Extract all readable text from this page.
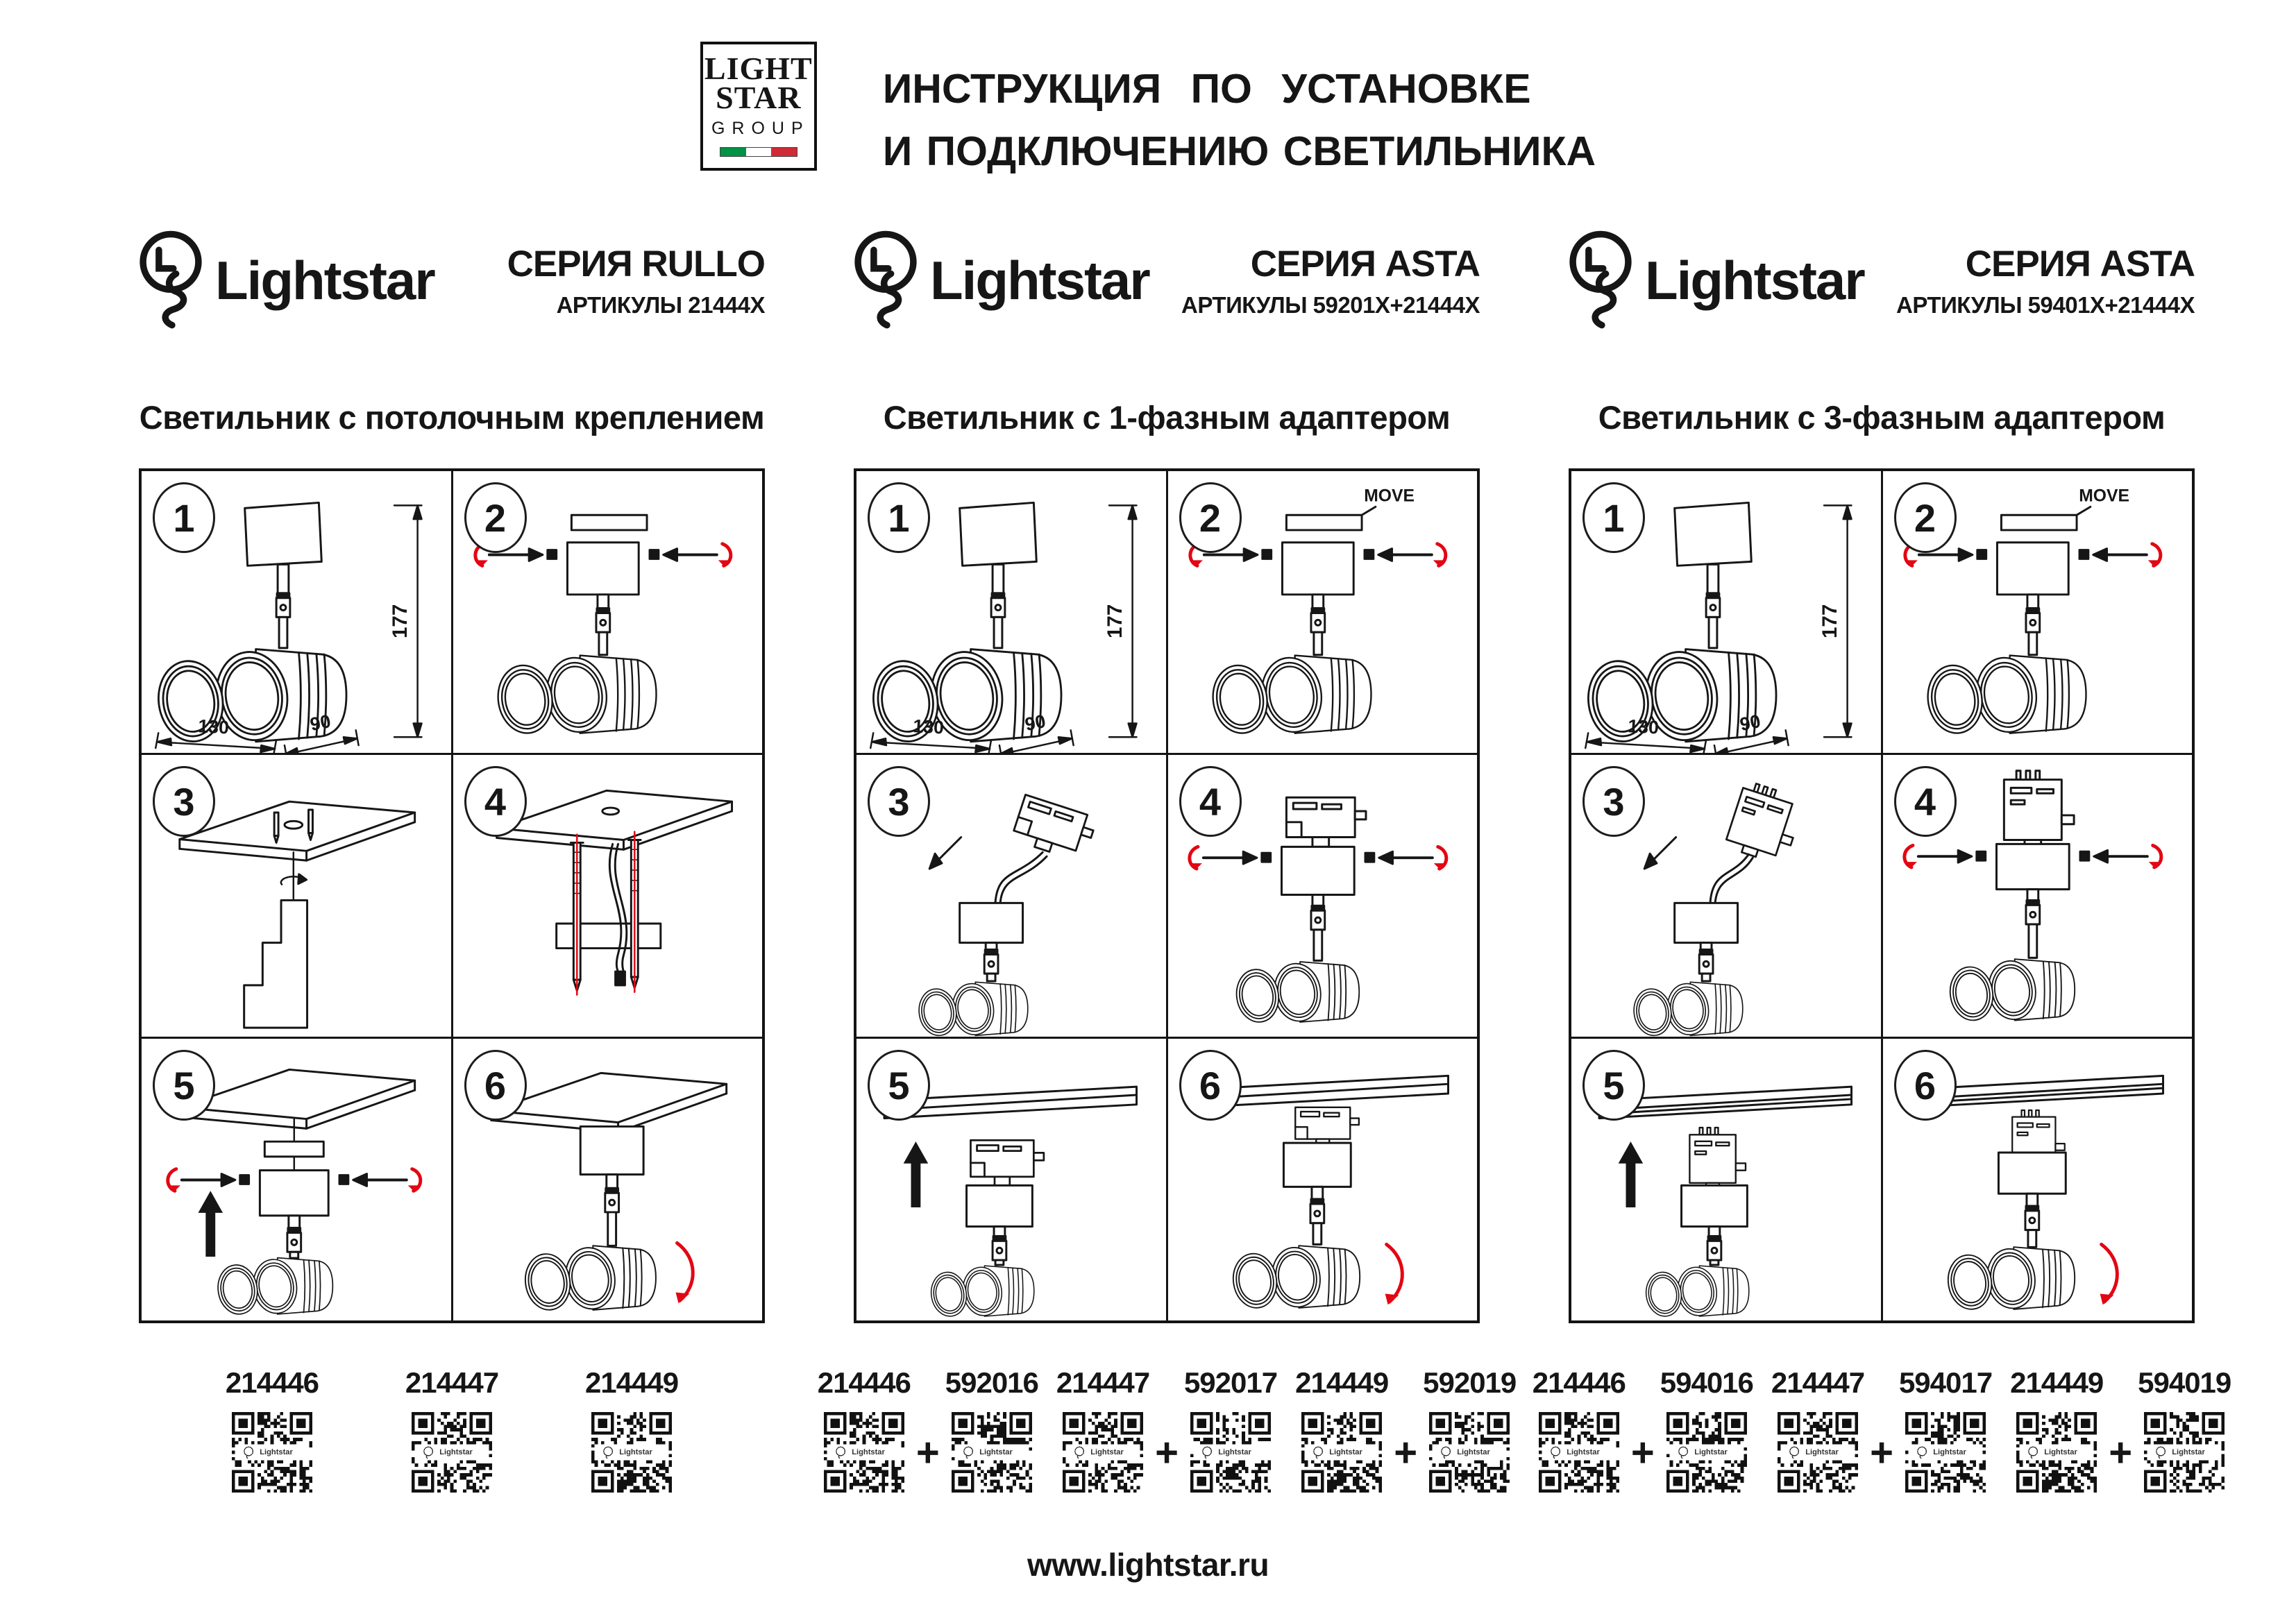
LIGHT
STAR
GROUP
ИНСТРУКЦИЯ ПО УСТАНОВКЕ
И ПОДКЛЮЧЕНИЮ СВЕТИЛЬНИКА
Lightstar СЕРИЯ RULLO
АРТИКУЛЫ 21444X
Светильник с потолочным креплением
1
177
130	90
2
3	4
5	6
214446
Lightstar
214447
Lightstar
214449
Lightstar
Lightstar	СЕРИЯ ASTA
АРТИКУЛЫ 59201X+21444X
Светильник с 1-фазным адаптером
1
177
130	90
2	MOVE
3	4
5	6
214446
Lightstar +
592016
Lightstar
214447
Lightstar +
592017
Lightstar
214449
Lightstar +
592019
Lightstar
Lightstar	СЕРИЯ ASTA
АРТИКУЛЫ 59401X+21444X
Светильник с 3-фазным адаптером
1
177
130	90
2	MOVE
3	4
5	6
214446
Lightstar +
594016
Lightstar
214447
Lightstar +
594017
Lightstar
214449
Lightstar +
594019
Lightstar
www.lightstar.ru
